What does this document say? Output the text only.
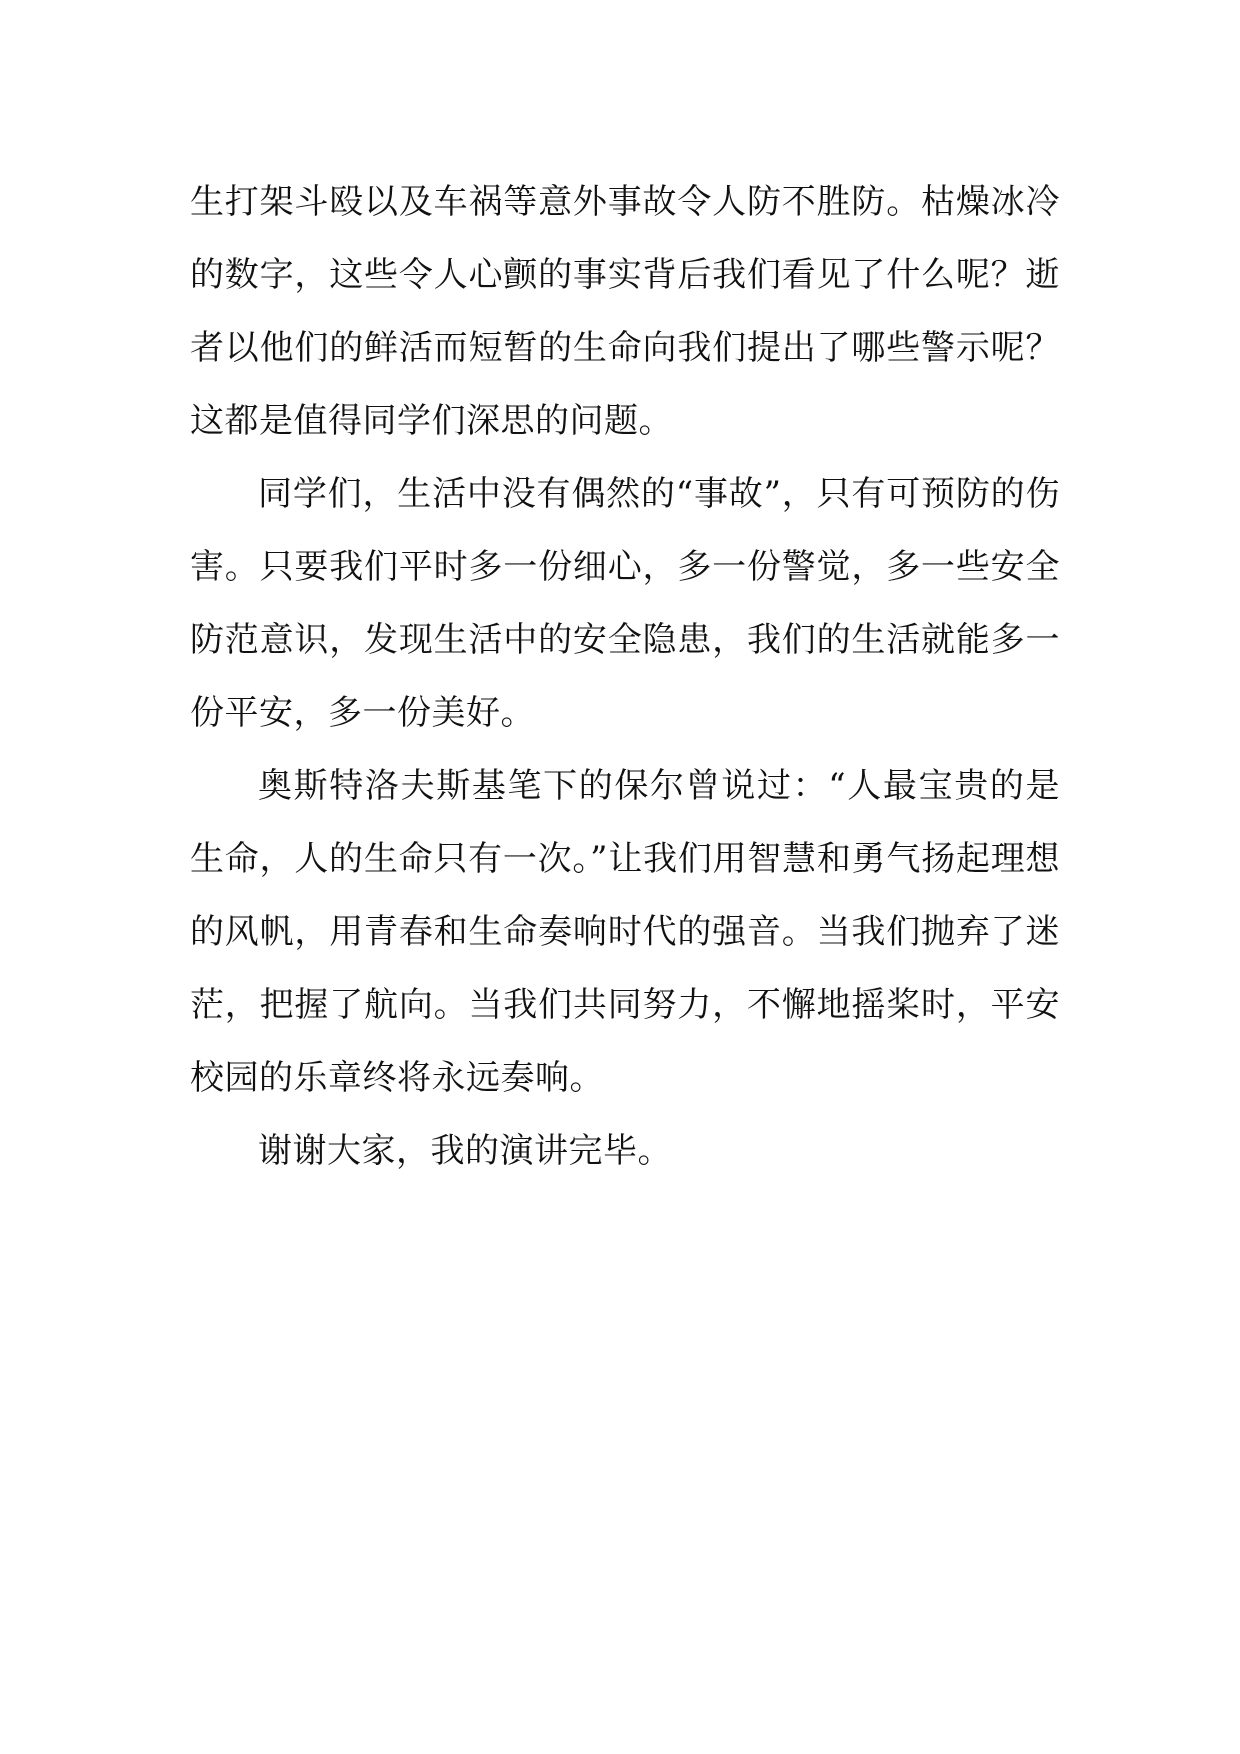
生打架斗殴以及车祸等意外事故令人防不胜防。枯燥冰冷的数字，这些令人心颤的事实背后我们看见了什么呢？逝者以他们的鲜活而短暂的生命向我们提出了哪些警示呢？这都是值得同学们深思的问题。

同学们，生活中没有偶然的“事故”，只有可预防的伤害。只要我们平时多一份细心，多一份警觉，多一些安全防范意识，发现生活中的安全隐患，我们的生活就能多一份平安，多一份美好。

奥斯特洛夫斯基笔下的保尔曾说过：“人最宝贵的是生命，人的生命只有一次。”让我们用智慧和勇气扬起理想的风帆，用青春和生命奏响时代的强音。当我们抛弃了迷茫，把握了航向。当我们共同努力，不懈地摇桨时，平安校园的乐章终将永远奏响。

谢谢大家，我的演讲完毕。
